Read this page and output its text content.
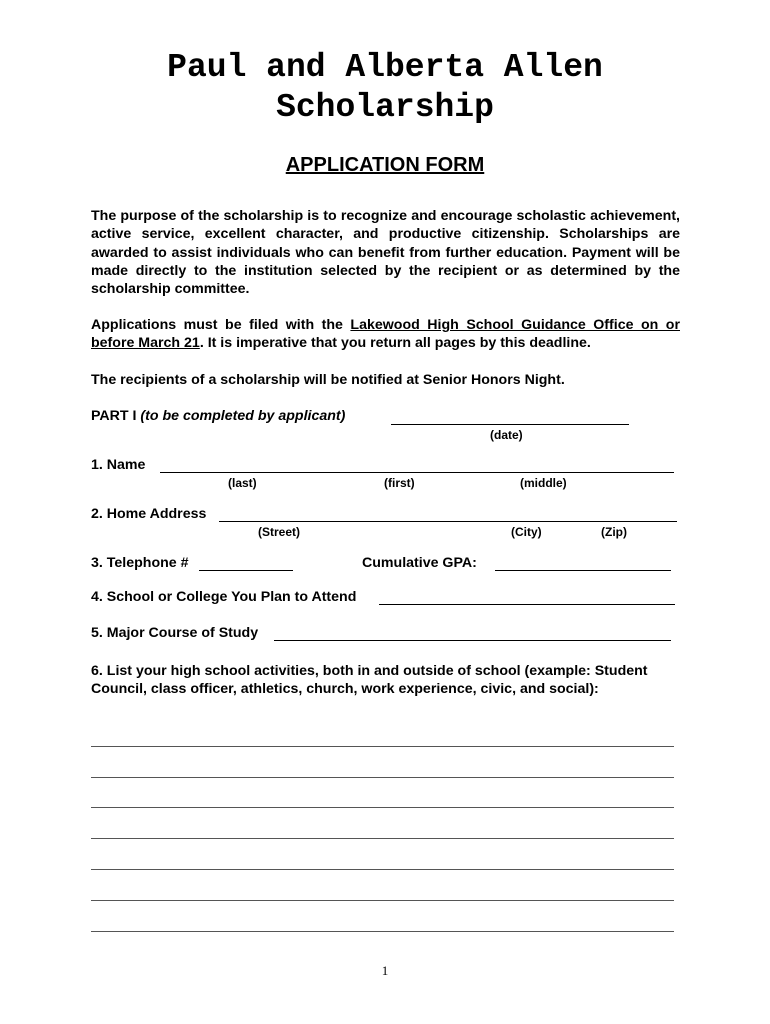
Paul and Alberta Allen
Scholarship
APPLICATION FORM
The purpose of the scholarship is to recognize and encourage scholastic achievement, active service, excellent character, and productive citizenship. Scholarships are awarded to assist individuals who can benefit from further education. Payment will be made directly to the institution selected by the recipient or as determined by the scholarship committee.
Applications must be filed with the Lakewood High School Guidance Office on or before March 21. It is imperative that you return all pages by this deadline.
The recipients of a scholarship will be notified at Senior Honors Night.
PART I (to be completed by applicant)
(date)
1. Name
(last)	(first)	(middle)
2. Home Address
(Street)	(City)	(Zip)
3. Telephone #	Cumulative GPA:
4. School or College You Plan to Attend
5. Major Course of Study
6. List your high school activities, both in and outside of school (example: Student Council, class officer, athletics, church, work experience, civic, and social):
1
